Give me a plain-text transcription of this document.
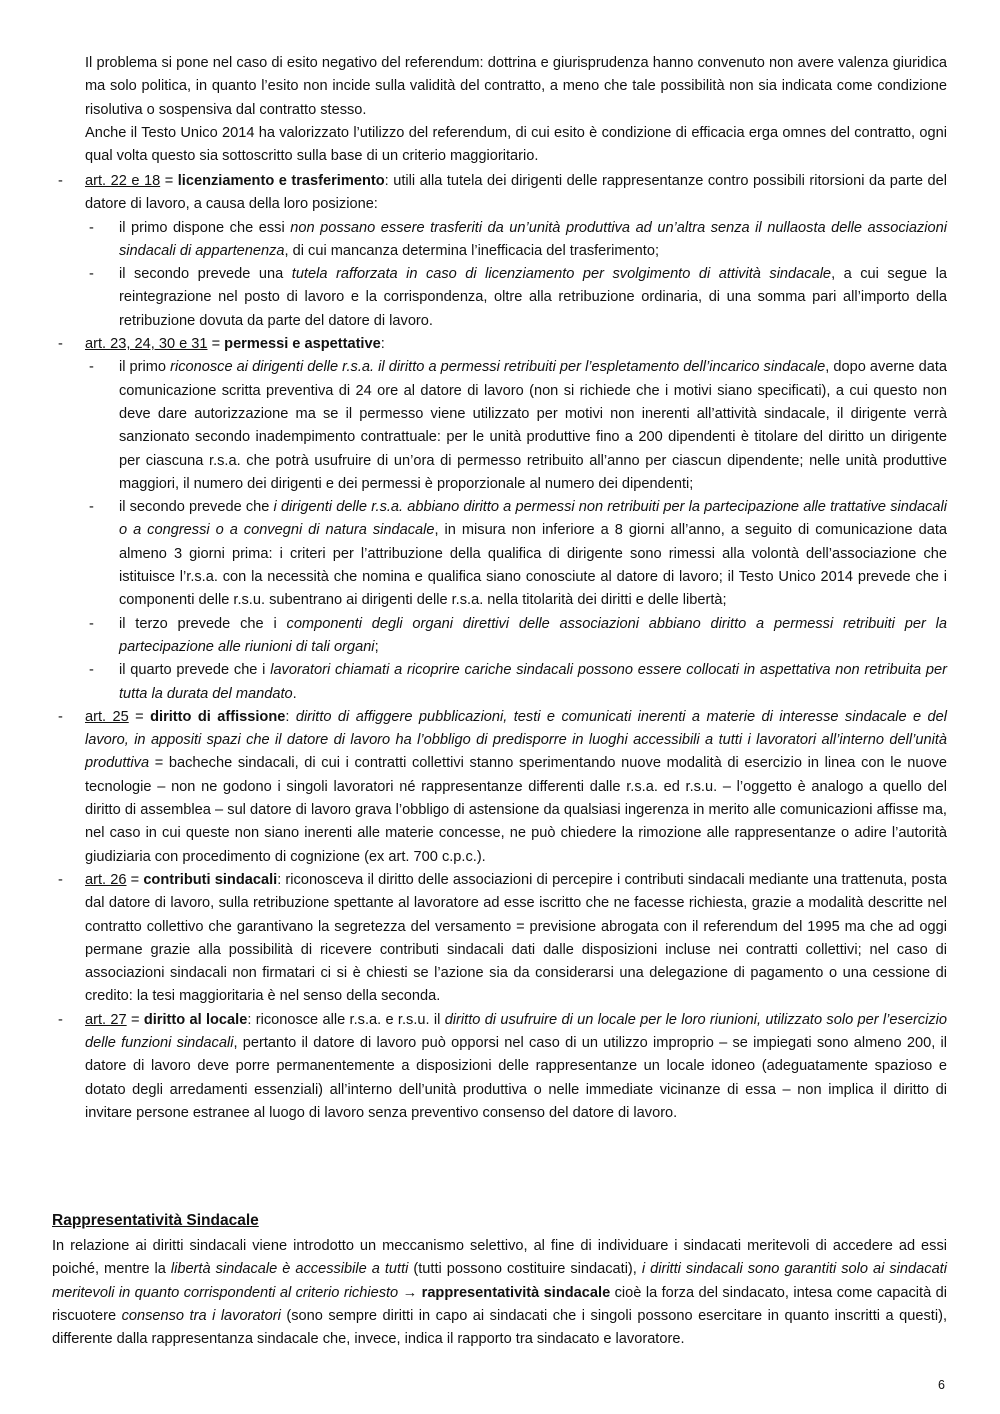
Il problema si pone nel caso di esito negativo del referendum: dottrina e giurisprudenza hanno convenuto non avere valenza giuridica ma solo politica, in quanto l’esito non incide sulla validità del contratto, a meno che tale possibilità non sia indicata come condizione risolutiva o sospensiva dal contratto stesso.

Anche il Testo Unico 2014 ha valorizzato l’utilizzo del referendum, di cui esito è condizione di efficacia erga omnes del contratto, ogni qual volta questo sia sottoscritto sulla base di un criterio maggioritario.

- art. 22 e 18 = licenziamento e trasferimento: utili alla tutela dei dirigenti delle rappresentanze contro possibili ritorsioni da parte del datore di lavoro, a causa della loro posizione:

- il primo dispone che essi non possano essere trasferiti da un’unità produttiva ad un’altra senza il nullaosta delle associazioni sindacali di appartenenza, di cui mancanza determina l’inefficacia del trasferimento;

- il secondo prevede una tutela rafforzata in caso di licenziamento per svolgimento di attività sindacale, a cui segue la reintegrazione nel posto di lavoro e la corrispondenza, oltre alla retribuzione ordinaria, di una somma pari all’importo della retribuzione dovuta da parte del datore di lavoro.

- art. 23, 24, 30 e 31 = permessi e aspettative:

- il primo riconosce ai dirigenti delle r.s.a. il diritto a permessi retribuiti per l’espletamento dell’incarico sindacale, dopo averne data comunicazione scritta preventiva di 24 ore al datore di lavoro (non si richiede che i motivi siano specificati), a cui questo non deve dare autorizzazione ma se il permesso viene utilizzato per motivi non inerenti all’attività sindacale, il dirigente verrà sanzionato secondo inadempimento contrattuale: per le unità produttive fino a 200 dipendenti è titolare del diritto un dirigente per ciascuna r.s.a. che potrà usufruire di un’ora di permesso retribuito all’anno per ciascun dipendente; nelle unità produttive maggiori, il numero dei dirigenti e dei permessi è proporzionale al numero dei dipendenti;

- il secondo prevede che i dirigenti delle r.s.a. abbiano diritto a permessi non retribuiti per la partecipazione alle trattative sindacali o a congressi o a convegni di natura sindacale, in misura non inferiore a 8 giorni all’anno, a seguito di comunicazione data almeno 3 giorni prima: i criteri per l’attribuzione della qualifica di dirigente sono rimessi alla volontà dell’associazione che istituisce l’r.s.a. con la necessità che nomina e qualifica siano conosciute al datore di lavoro; il Testo Unico 2014 prevede che i componenti delle r.s.u. subentrano ai dirigenti delle r.s.a. nella titolarità dei diritti e delle libertà;

- il terzo prevede che i componenti degli organi direttivi delle associazioni abbiano diritto a permessi retribuiti per la partecipazione alle riunioni di tali organi;

- il quarto prevede che i lavoratori chiamati a ricoprire cariche sindacali possono essere collocati in aspettativa non retribuita per tutta la durata del mandato.

- art. 25 = diritto di affissione: diritto di affiggere pubblicazioni, testi e comunicati inerenti a materie di interesse sindacale e del lavoro, in appositi spazi che il datore di lavoro ha l’obbligo di predisporre in luoghi accessibili a tutti i lavoratori all’interno dell’unità produttiva = bacheche sindacali, di cui i contratti collettivi stanno sperimentando nuove modalità di esercizio in linea con le nuove tecnologie – non ne godono i singoli lavoratori né rappresentanze differenti dalle r.s.a. ed r.s.u. – l’oggetto è analogo a quello del diritto di assemblea – sul datore di lavoro grava l’obbligo di astensione da qualsiasi ingerenza in merito alle comunicazioni affisse ma, nel caso in cui queste non siano inerenti alle materie concesse, ne può chiedere la rimozione alle rappresentanze o adire l’autorità giudiziaria con procedimento di cognizione (ex art. 700 c.p.c.).

- art. 26 = contributi sindacali: riconosceva il diritto delle associazioni di percepire i contributi sindacali mediante una trattenuta, posta dal datore di lavoro, sulla retribuzione spettante al lavoratore ad esse iscritto che ne facesse richiesta, grazie a modalità descritte nel contratto collettivo che garantivano la segretezza del versamento = previsione abrogata con il referendum del 1995 ma che ad oggi permane grazie alla possibilità di ricevere contributi sindacali dati dalle disposizioni incluse nei contratti collettivi; nel caso di associazioni sindacali non firmatari ci si è chiesti se l’azione sia da considerarsi una delegazione di pagamento o una cessione di credito: la tesi maggioritaria è nel senso della seconda.

- art. 27 = diritto al locale: riconosce alle r.s.a. e r.s.u. il diritto di usufruire di un locale per le loro riunioni, utilizzato solo per l’esercizio delle funzioni sindacali, pertanto il datore di lavoro può opporsi nel caso di un utilizzo improprio – se impiegati sono almeno 200, il datore di lavoro deve porre permanentemente a disposizioni delle rappresentanze un locale idoneo (adeguatamente spazioso e dotato degli arredamenti essenziali) all’interno dell’unità produttiva o nelle immediate vicinanze di essa – non implica il diritto di invitare persone estranee al luogo di lavoro senza preventivo consenso del datore di lavoro.

Rappresentatività Sindacale

In relazione ai diritti sindacali viene introdotto un meccanismo selettivo, al fine di individuare i sindacati meritevoli di accedere ad essi poiché, mentre la libertà sindacale è accessibile a tutti (tutti possono costituire sindacati), i diritti sindacali sono garantiti solo ai sindacati meritevoli in quanto corrispondenti al criterio richiesto → rappresentatività sindacale cioè la forza del sindacato, intesa come capacità di riscuotere consenso tra i lavoratori (sono sempre diritti in capo ai sindacati che i singoli possono esercitare in quanto inscritti a questi), differente dalla rappresentanza sindacale che, invece, indica il rapporto tra sindacato e lavoratore.

6
